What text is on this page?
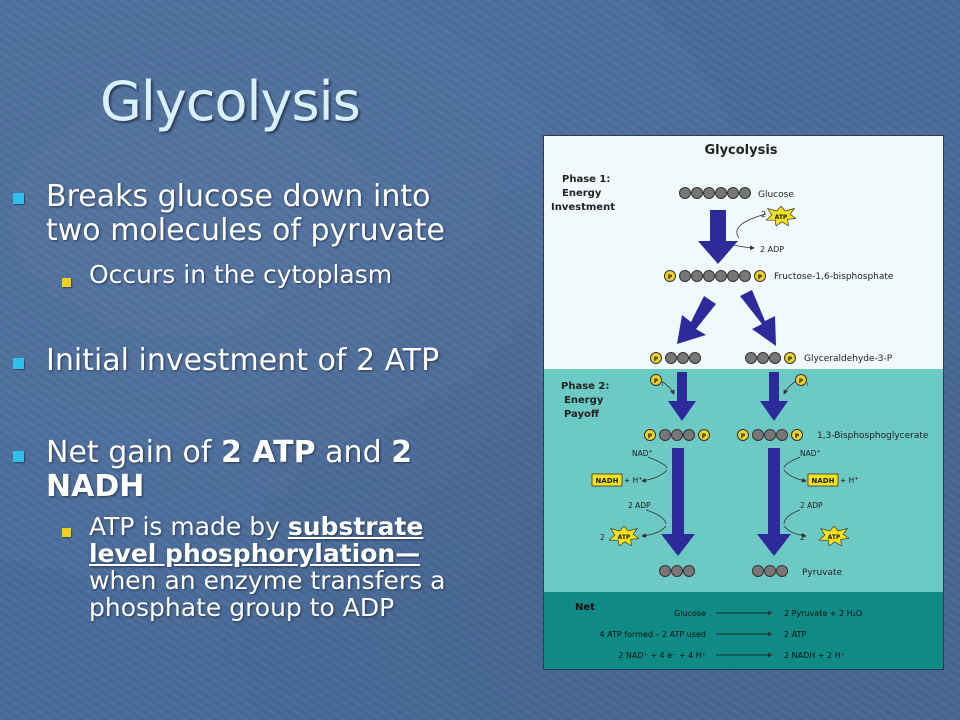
Glycolysis
Breaks glucose down into
two molecules of pyruvate
Occurs in the cytoplasm
Initial investment of 2 ATP
Net gain of 2 ATP and 2
NADH
ATP is made by substrate
level phosphorylation—
when an enzyme transfers a
phosphate group to ADP
Glycolysis
Phase 1: Energy Investment
Phase 2: Energy Payoff
Glucose
2 ATP
2 ADP
P	P Fructose-1,6-bisphosphate
P	P Glyceraldehyde-3-P
P i	P i
P	P	P	P 1,3-Bisphosphoglycerate
NAD+
NADH + H+
NAD+
NADH + H+
2 ADP
2 ATP
2 ADP
2	ATP
Pyruvate
Net
Glucose	2 Pyruvate + 2 H₂O
4 ATP formed – 2 ATP used	2 ATP
2 NAD⁺ + 4 e⁻ + 4 H⁺	2 NADH + 2 H⁺
